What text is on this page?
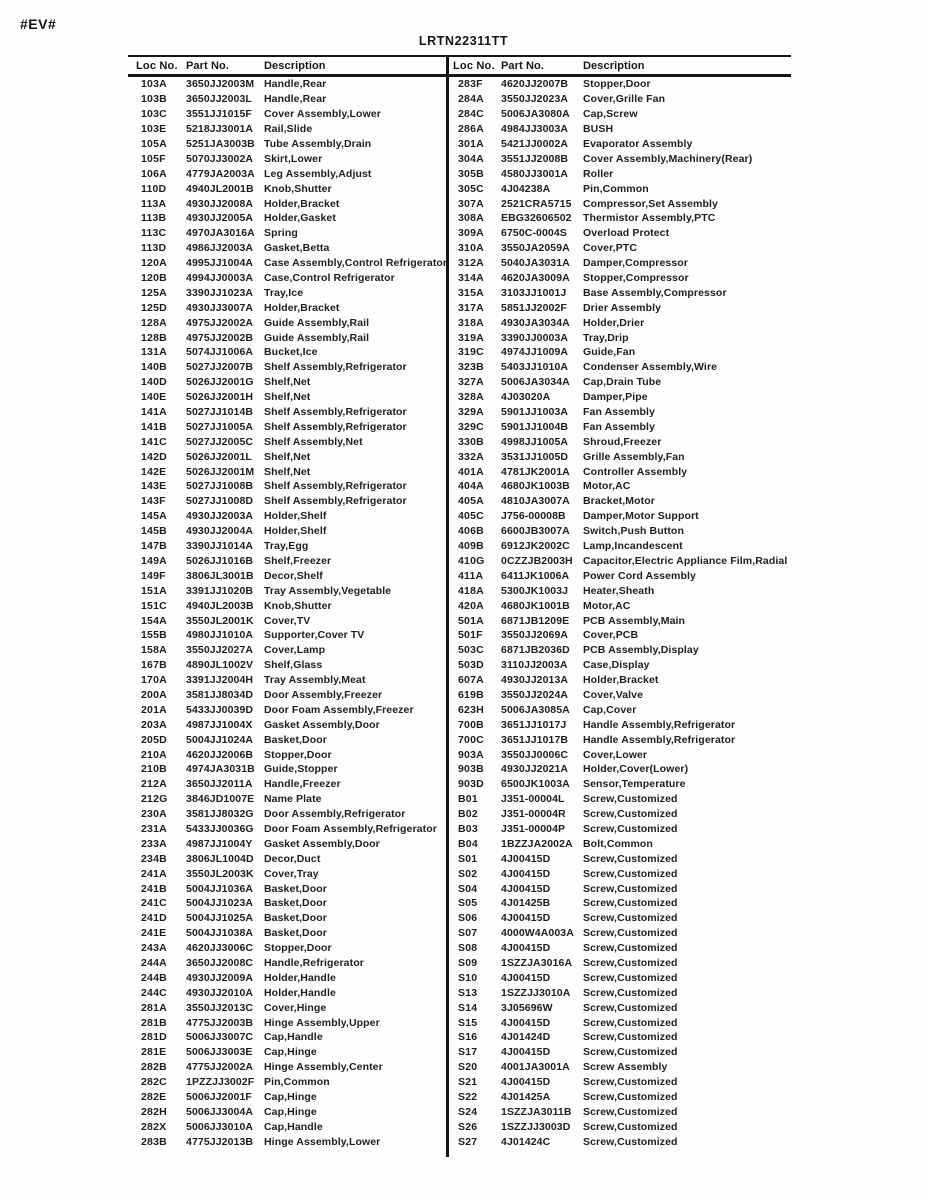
#EV#
LRTN22311TT
Loc No. Part No.	Description
103A	3650JJ2003M Handle,Rear
103B	3650JJ2003L	Handle,Rear
103C	3551JJ1015F	Cover Assembly,Lower
103E	5218JJ3001A	Rail,Slide
105A	5251JA3003B Tube Assembly,Drain
105F	5070JJ3002A	Skirt,Lower
106A	4779JA2003A Leg Assembly,Adjust
110D	4940JL2001B Knob,Shutter
113A	4930JJ2008A	Holder,Bracket
113B	4930JJ2005A	Holder,Gasket
113C	4970JA3016A Spring
113D	4986JJ2003A	Gasket,Betta
120A	4995JJ1004A	Case Assembly,Control Refrigerator
120B	4994JJ0003A	Case,Control Refrigerator
125A	3390JJ1023A	Tray,Ice
125D	4930JJ3007A	Holder,Bracket
128A	4975JJ2002A	Guide Assembly,Rail
128B	4975JJ2002B	Guide Assembly,Rail
131A	5074JJ1006A	Bucket,Ice
140B	5027JJ2007B	Shelf Assembly,Refrigerator
140D	5026JJ2001G Shelf,Net
140E	5026JJ2001H	Shelf,Net
141A	5027JJ1014B	Shelf Assembly,Refrigerator
141B	5027JJ1005A	Shelf Assembly,Refrigerator
141C	5027JJ2005C	Shelf Assembly,Net
142D	5026JJ2001L	Shelf,Net
142E	5026JJ2001M Shelf,Net
143E	5027JJ1008B	Shelf Assembly,Refrigerator
143F	5027JJ1008D	Shelf Assembly,Refrigerator
145A	4930JJ2003A	Holder,Shelf
145B	4930JJ2004A	Holder,Shelf
147B	3390JJ1014A	Tray,Egg
149A	5026JJ1016B	Shelf,Freezer
149F	3806JL3001B Decor,Shelf
151A	3391JJ1020B	Tray Assembly,Vegetable
151C	4940JL2003B Knob,Shutter
154A	3550JL2001K Cover,TV
155B	4980JJ1010A	Supporter,Cover TV
158A	3550JJ2027A	Cover,Lamp
167B	4890JL1002V	Shelf,Glass
170A	3391JJ2004H	Tray Assembly,Meat
200A	3581JJ8034D	Door Assembly,Freezer
201A	5433JJ0039D	Door Foam Assembly,Freezer
203A	4987JJ1004X	Gasket Assembly,Door
205D	5004JJ1024A	Basket,Door
210A	4620JJ2006B	Stopper,Door
210B	4974JA3031B Guide,Stopper
212A	3650JJ2011A	Handle,Freezer
212G	3846JD1007E Name Plate
230A	3581JJ8032G Door Assembly,Refrigerator
231A	5433JJ0036G Door Foam Assembly,Refrigerator
233A	4987JJ1004Y	Gasket Assembly,Door
234B	3806JL1004D Decor,Duct
241A	3550JL2003K Cover,Tray
241B	5004JJ1036A	Basket,Door
241C	5004JJ1023A	Basket,Door
241D	5004JJ1025A	Basket,Door
241E	5004JJ1038A	Basket,Door
243A	4620JJ3006C	Stopper,Door
244A	3650JJ2008C	Handle,Refrigerator
244B	4930JJ2009A	Holder,Handle
244C	4930JJ2010A	Holder,Handle
281A	3550JJ2013C	Cover,Hinge
281B	4775JJ2003B	Hinge Assembly,Upper
281D	5006JJ3007C	Cap,Handle
281E	5006JJ3003E	Cap,Hinge
282B	4775JJ2002A	Hinge Assembly,Center
282C	1PZZJJ3002F Pin,Common
282E	5006JJ2001F	Cap,Hinge
282H	5006JJ3004A	Cap,Hinge
282X	5006JJ3010A	Cap,Handle
283B	4775JJ2013B	Hinge Assembly,Lower
Loc No. Part No.	Description
283F	4620JJ2007B	Stopper,Door
284A	3550JJ2023A	Cover,Grille Fan
284C	5006JA3080A	Cap,Screw
286A	4984JJ3003A	BUSH
301A	5421JJ0002A	Evaporator Assembly
304A	3551JJ2008B	Cover Assembly,Machinery(Rear)
305B	4580JJ3001A	Roller
305C	4J04238A	Pin,Common
307A	2521CRA5715	Compressor,Set Assembly
308A	EBG32606502	Thermistor Assembly,PTC
309A	6750C-0004S	Overload Protect
310A	3550JA2059A	Cover,PTC
312A	5040JA3031A	Damper,Compressor
314A	4620JA3009A	Stopper,Compressor
315A	3103JJ1001J	Base Assembly,Compressor
317A	5851JJ2002F	Drier Assembly
318A	4930JA3034A	Holder,Drier
319A	3390JJ0003A	Tray,Drip
319C	4974JJ1009A	Guide,Fan
323B	5403JJ1010A	Condenser Assembly,Wire
327A	5006JA3034A	Cap,Drain Tube
328A	4J03020A	Damper,Pipe
329A	5901JJ1003A	Fan Assembly
329C	5901JJ1004B	Fan Assembly
330B	4998JJ1005A	Shroud,Freezer
332A	3531JJ1005D	Grille Assembly,Fan
401A	4781JK2001A	Controller Assembly
404A	4680JK1003B	Motor,AC
405A	4810JA3007A	Bracket,Motor
405C	J756-00008B	Damper,Motor Support
406B	6600JB3007A	Switch,Push Button
409B	6912JK2002C	Lamp,Incandescent
410G	0CZZJB2003H Capacitor,Electric Appliance Film,Radial
411A	6411JK1006A	Power Cord Assembly
418A	5300JK1003J	Heater,Sheath
420A	4680JK1001B	Motor,AC
501A	6871JB1209E	PCB Assembly,Main
501F	3550JJ2069A	Cover,PCB
503C	6871JB2036D	PCB Assembly,Display
503D	3110JJ2003A	Case,Display
607A	4930JJ2013A	Holder,Bracket
619B	3550JJ2024A	Cover,Valve
623H	5006JA3085A	Cap,Cover
700B	3651JJ1017J	Handle Assembly,Refrigerator
700C	3651JJ1017B	Handle Assembly,Refrigerator
903A	3550JJ0006C	Cover,Lower
903B	4930JJ2021A	Holder,Cover(Lower)
903D	6500JK1003A	Sensor,Temperature
B01	J351-00004L	Screw,Customized
B02	J351-00004R	Screw,Customized
B03	J351-00004P	Screw,Customized
B04	1BZZJA2002A Bolt,Common
S01	4J00415D	Screw,Customized
S02	4J00415D	Screw,Customized
S04	4J00415D	Screw,Customized
S05	4J01425B	Screw,Customized
S06	4J00415D	Screw,Customized
S07	4000W4A003A Screw,Customized
S08	4J00415D	Screw,Customized
S09	1SZZJA3016A	Screw,Customized
S10	4J00415D	Screw,Customized
S13	1SZZJJ3010A	Screw,Customized
S14	3J05696W	Screw,Customized
S15	4J00415D	Screw,Customized
S16	4J01424D	Screw,Customized
S17	4J00415D	Screw,Customized
S20	4001JA3001A	Screw Assembly
S21	4J00415D	Screw,Customized
S22	4J01425A	Screw,Customized
S24	1SZZJA3011B	Screw,Customized
S26	1SZZJJ3003D	Screw,Customized
S27	4J01424C	Screw,Customized
